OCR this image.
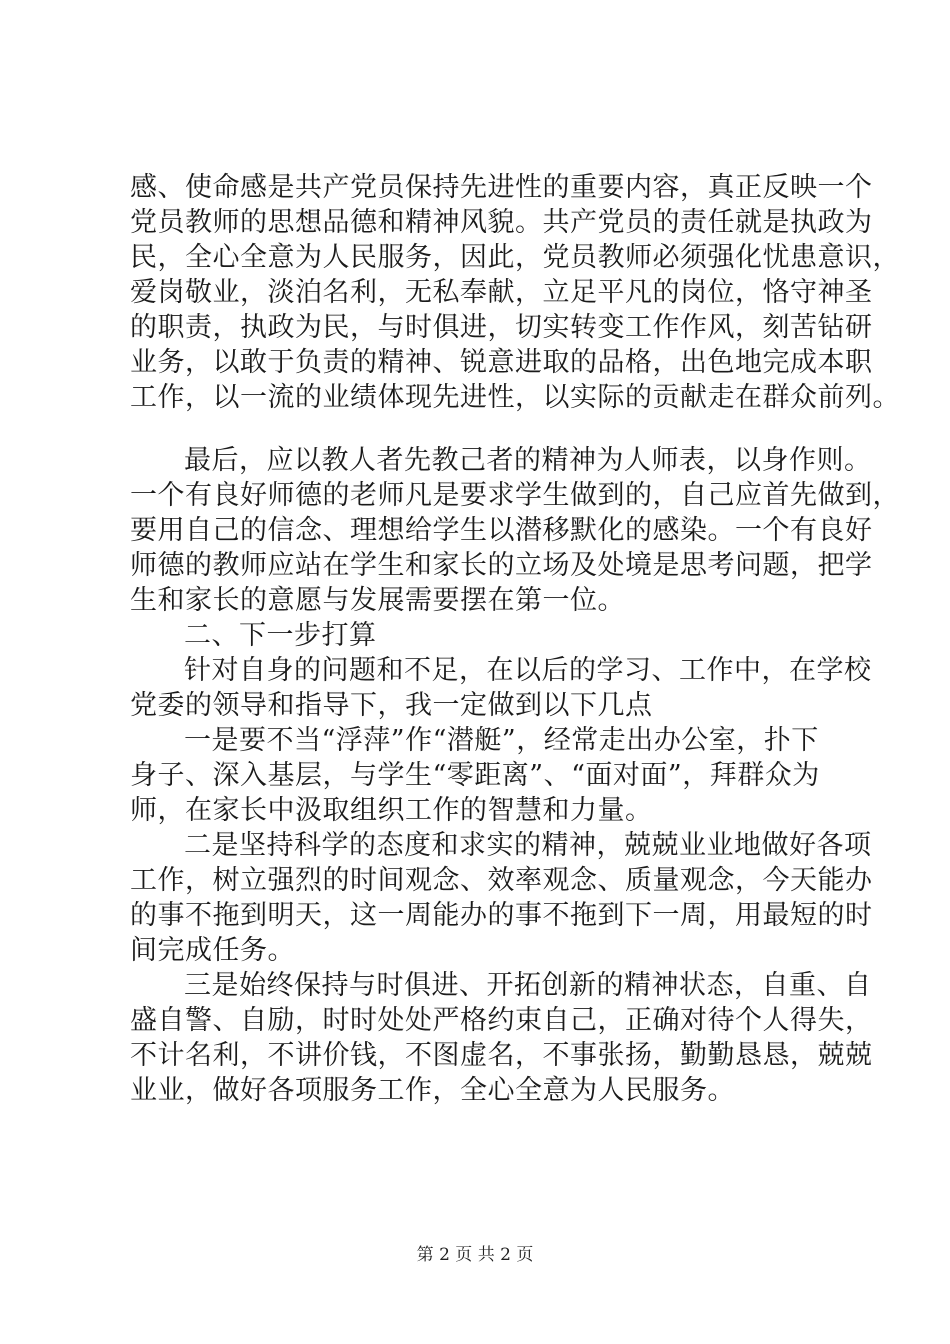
感、使命感是共产党员保持先进性的重要内容，真正反映一个
党员教师的思想品德和精神风貌。共产党员的责任就是执政为
民，全心全意为人民服务，因此，党员教师必须强化忧患意识，
爱岗敬业，淡泊名利，无私奉献，立足平凡的岗位，恪守神圣
的职责，执政为民，与时俱进，切实转变工作作风，刻苦钻研
业务，以敢于负责的精神、锐意进取的品格，出色地完成本职
工作，以一流的业绩体现先进性，以实际的贡献走在群众前列。
最后，应以教人者先教己者的精神为人师表，以身作则。
一个有良好师德的老师凡是要求学生做到的，自己应首先做到，
要用自己的信念、理想给学生以潜移默化的感染。一个有良好
师德的教师应站在学生和家长的立场及处境是思考问题，把学
生和家长的意愿与发展需要摆在第一位。
二、下一步打算
针对自身的问题和不足，在以后的学习、工作中，在学校
党委的领导和指导下，我一定做到以下几点
一是要不当“浮萍”作“潜艇”，经常走出办公室，扑下
身子、深入基层，与学生“零距离”、“面对面”，拜群众为
师，在家长中汲取组织工作的智慧和力量。
二是坚持科学的态度和求实的精神，兢兢业业地做好各项
工作，树立强烈的时间观念、效率观念、质量观念，今天能办
的事不拖到明天，这一周能办的事不拖到下一周，用最短的时
间完成任务。
三是始终保持与时俱进、开拓创新的精神状态，自重、自
盛自警、自励，时时处处严格约束自己，正确对待个人得失，
不计名利，不讲价钱，不图虚名，不事张扬，勤勤恳恳，兢兢
业业，做好各项服务工作，全心全意为人民服务。
第 2 页 共 2 页
